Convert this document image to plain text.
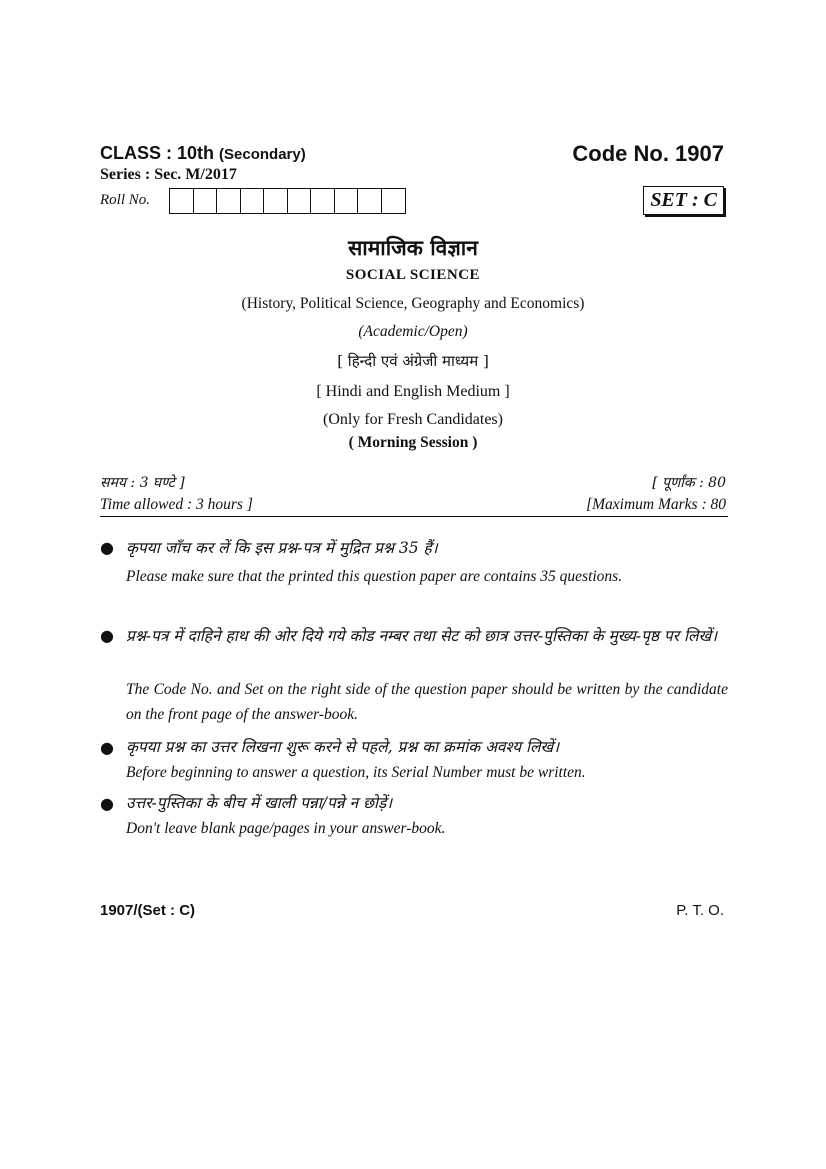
CLASS : 10th (Secondary)	Code No. 1907
Series : Sec. M/2017
Roll No.	SET : C
सामाजिक विज्ञान
SOCIAL SCIENCE
(History, Political Science, Geography and Economics)
(Academic/Open)
[ हिन्दी एवं अंग्रेजी माध्यम ]
[ Hindi and English Medium ]
(Only for Fresh Candidates)
( Morning Session )
समय : 3 घण्टे ]	[ पूर्णांक : 80
Time allowed : 3 hours ]	[Maximum Marks : 80
● कृपया जाँच कर लें कि इस प्रश्न-पत्र में मुद्रित प्रश्न 35 हैं।
Please make sure that the printed this question paper are contains 35 questions.
● प्रश्न-पत्र में दाहिने हाथ की ओर दिये गये कोड नम्बर तथा सेट को छात्र उत्तर-पुस्तिका के मुख्य-पृष्ठ पर लिखें।
The Code No. and Set on the right side of the question paper should be written by the candidate on the front page of the answer-book.
● कृपया प्रश्न का उत्तर लिखना शुरू करने से पहले, प्रश्न का क्रमांक अवश्य लिखें।
Before beginning to answer a question, its Serial Number must be written.
● उत्तर-पुस्तिका के बीच में खाली पन्ना/पन्ने न छोड़ें।
Don't leave blank page/pages in your answer-book.
1907/(Set : C)	P. T. O.
